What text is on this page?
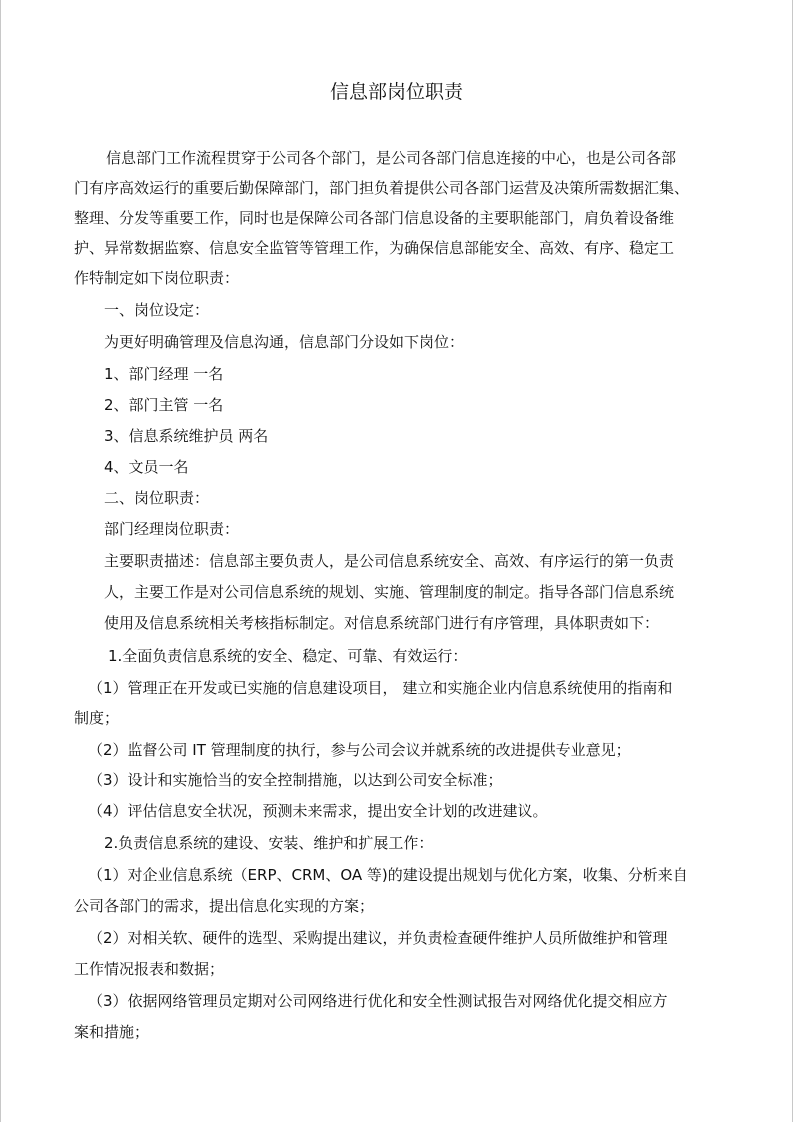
信息部岗位职责
信息部门工作流程贯穿于公司各个部门，是公司各部门信息连接的中心，也是公司各部
门有序高效运行的重要后勤保障部门，部门担负着提供公司各部门运营及决策所需数据汇集、
整理、分发等重要工作，同时也是保障公司各部门信息设备的主要职能部门，肩负着设备维
护、异常数据监察、信息安全监管等管理工作，为确保信息部能安全、高效、有序、稳定工
作特制定如下岗位职责：
一、岗位设定：
为更好明确管理及信息沟通，信息部门分设如下岗位：
1、部门经理 一名
2、部门主管 一名
3、信息系统维护员 两名
4、文员一名
二、岗位职责：
部门经理岗位职责：
主要职责描述：信息部主要负责人，是公司信息系统安全、高效、有序运行的第一负责
人，主要工作是对公司信息系统的规划、实施、管理制度的制定。指导各部门信息系统
使用及信息系统相关考核指标制定。对信息系统部门进行有序管理，具体职责如下：
1.全面负责信息系统的安全、稳定、可靠、有效运行：
（1）管理正在开发或已实施的信息建设项目， 建立和实施企业内信息系统使用的指南和
制度；
（2）监督公司 IT 管理制度的执行，参与公司会议并就系统的改进提供专业意见；
（3）设计和实施恰当的安全控制措施，以达到公司安全标准；
（4）评估信息安全状况，预测未来需求，提出安全计划的改进建议。
2.负责信息系统的建设、安装、维护和扩展工作：
（1）对企业信息系统（ERP、CRM、OA 等)的建设提出规划与优化方案，收集、分析来自
公司各部门的需求，提出信息化实现的方案；
（2）对相关软、硬件的选型、采购提出建议，并负责检查硬件维护人员所做维护和管理
工作情况报表和数据；
（3）依据网络管理员定期对公司网络进行优化和安全性测试报告对网络优化提交相应方
案和措施；
